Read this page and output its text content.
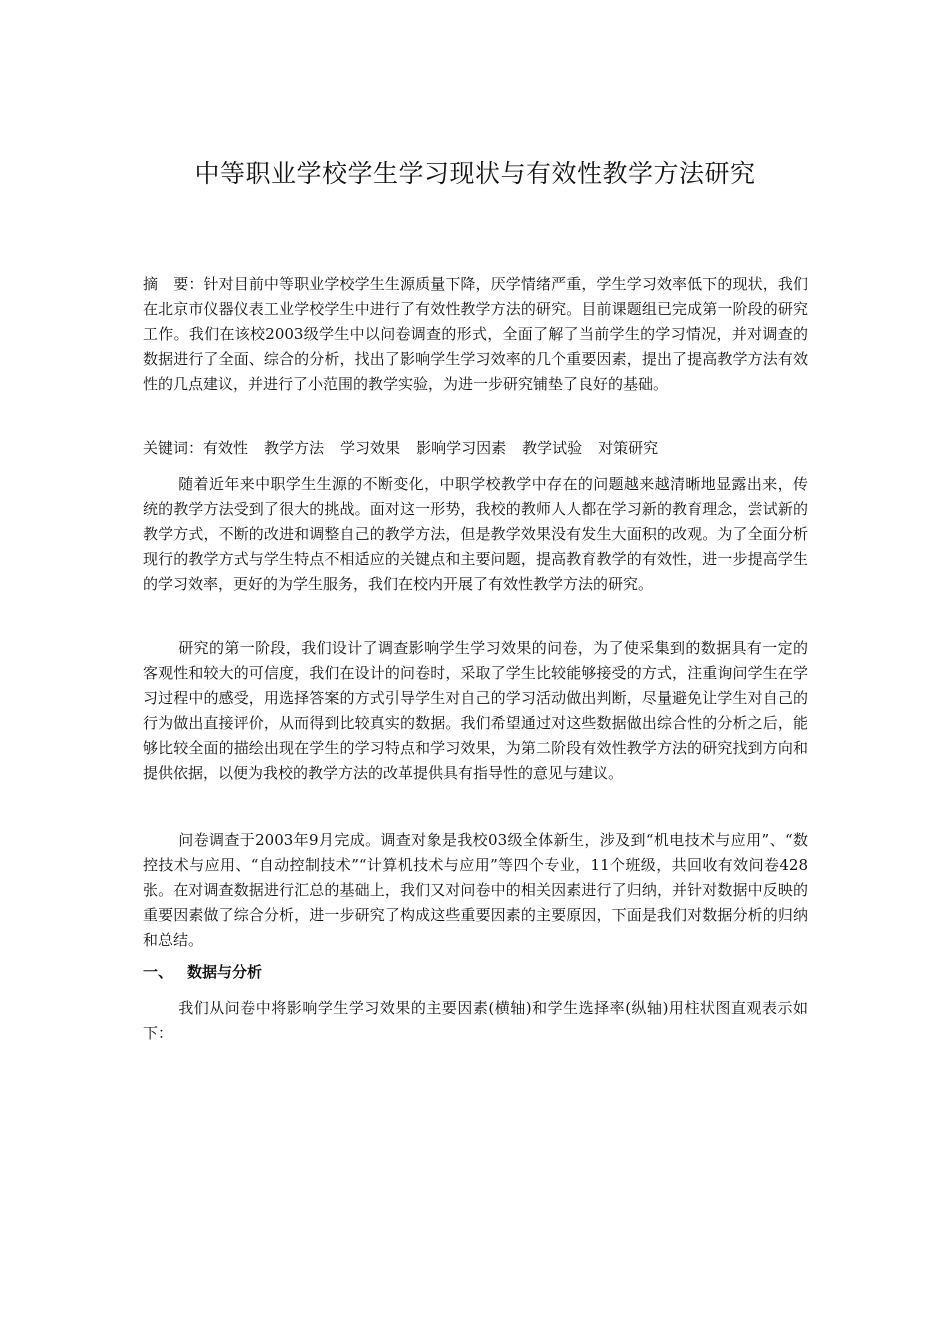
中等职业学校学生学习现状与有效性教学方法研究

摘　要：针对目前中等职业学校学生生源质量下降，厌学情绪严重，学生学习效率低下的现状，我们在北京市仪器仪表工业学校学生中进行了有效性教学方法的研究。目前课题组已完成第一阶段的研究工作。我们在该校2003级学生中以问卷调查的形式，全面了解了当前学生的学习情况，并对调查的数据进行了全面、综合的分析，找出了影响学生学习效率的几个重要因素，提出了提高教学方法有效性的几点建议，并进行了小范围的教学实验，为进一步研究铺垫了良好的基础。

关键词：有效性 教学方法 学习效果 影响学习因素 教学试验 对策研究

随着近年来中职学生生源的不断变化，中职学校教学中存在的问题越来越清晰地显露出来，传统的教学方法受到了很大的挑战。面对这一形势，我校的教师人人都在学习新的教育理念，尝试新的教学方式，不断的改进和调整自己的教学方法，但是教学效果没有发生大面积的改观。为了全面分析现行的教学方式与学生特点不相适应的关键点和主要问题，提高教育教学的有效性，进一步提高学生的学习效率，更好的为学生服务，我们在校内开展了有效性教学方法的研究。

研究的第一阶段，我们设计了调查影响学生学习效果的问卷，为了使采集到的数据具有一定的客观性和较大的可信度，我们在设计的问卷时，采取了学生比较能够接受的方式，注重询问学生在学习过程中的感受，用选择答案的方式引导学生对自己的学习活动做出判断，尽量避免让学生对自己的行为做出直接评价，从而得到比较真实的数据。我们希望通过对这些数据做出综合性的分析之后，能够比较全面的描绘出现在学生的学习特点和学习效果，为第二阶段有效性教学方法的研究找到方向和提供依据，以便为我校的教学方法的改革提供具有指导性的意见与建议。

问卷调查于2003年9月完成。调查对象是我校03级全体新生，涉及到“机电技术与应用”、“数控技术与应用、“自动控制技术”“计算机技术与应用”等四个专业，11个班级，共回收有效问卷428张。在对调查数据进行汇总的基础上，我们又对问卷中的相关因素进行了归纳，并针对数据中反映的重要因素做了综合分析，进一步研究了构成这些重要因素的主要原因，下面是我们对数据分析的归纳和总结。

一、 数据与分析

我们从问卷中将影响学生学习效果的主要因素(横轴)和学生选择率(纵轴)用柱状图直观表示如下：
